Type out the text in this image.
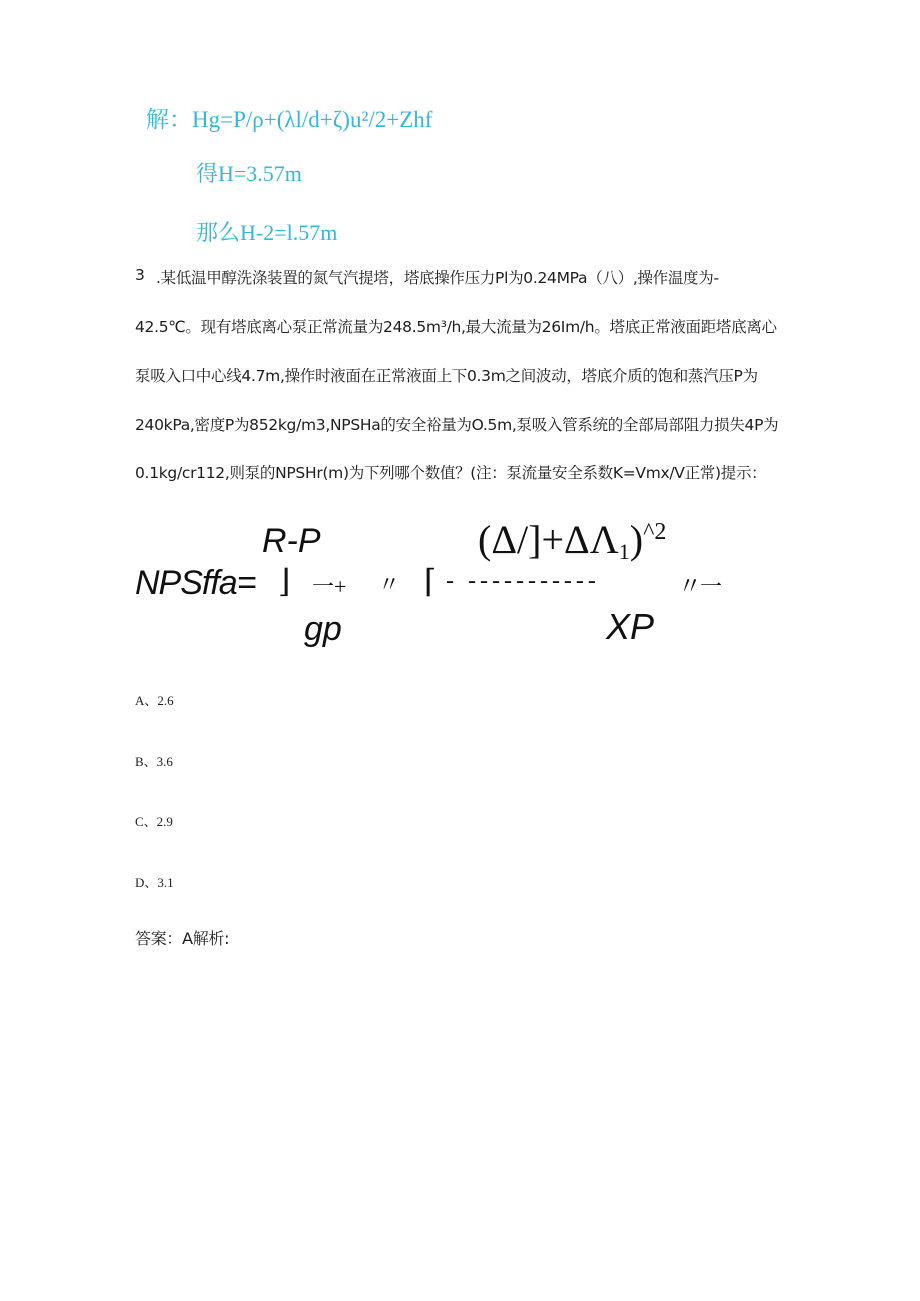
解：Hg=P/ρ+(λl/d+ζ)u²/2+Zhf
得H=3.57m
那么H-2=l.57m
3 .某低温甲醇洗涤装置的氮气汽提塔，塔底操作压力Pl为0.24MPa（八）,操作温度为-
42.5℃。现有塔底离心泵正常流量为248.5m³/h,最大流量为26Im/h。塔底正常液面距塔底离心
泵吸入口中心线4.7m,操作时液面在正常液面上下0.3m之间波动，塔底介质的饱和蒸汽压P为
240kPa,密度P为852kg/m3,NPSHa的安全裕量为O.5m,泵吸入管系统的全部局部阻力损失4P为
0.1kg/cr112,则泵的NPSHr(m)为下列哪个数值？(注：泵流量安全系数K=Vmx/V正常)提示：
R-P
NPSffa= ⌋ 一+ 〃 ⌈ - -----------	〃
一
gp
$(\Delta/]+\Delta\Lambda 1)^{\^{}2}$
XP
A、2.6
B、3.6
C、2.9
D、3.1
答案：A解析:
